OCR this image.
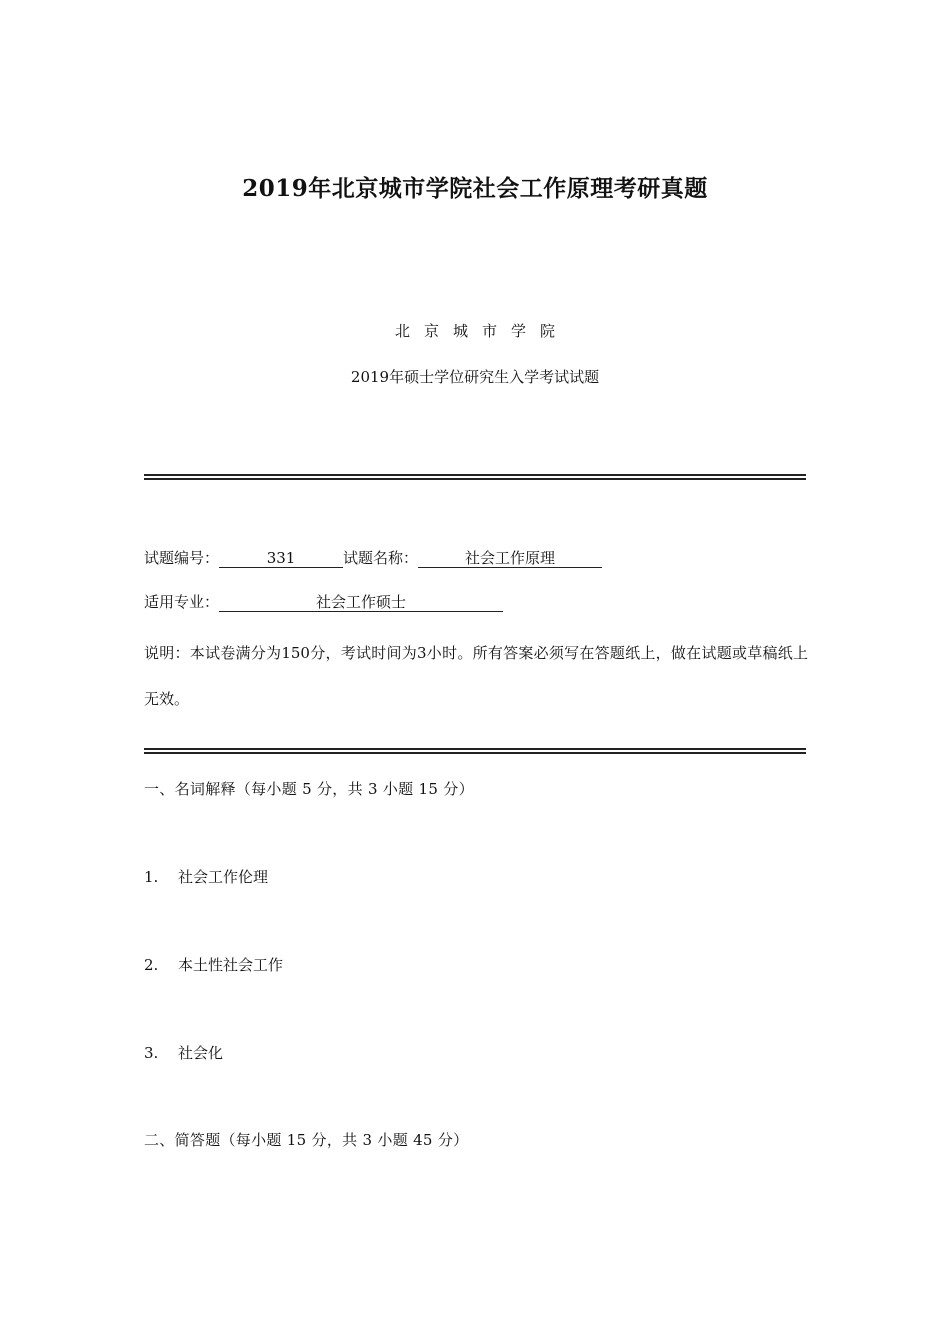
2019年北京城市学院社会工作原理考研真题
北京城市学院
2019年硕士学位研究生入学考试试题
试题编号：	331	试题名称：	社会工作原理
适用专业：	社会工作硕士
说明：本试卷满分为150分，考试时间为3小时。所有答案必须写在答题纸上，做在试题或草稿纸上无效。
一、名词解释（每小题 5 分，共 3 小题 15 分）
1. 社会工作伦理
2. 本土性社会工作
3. 社会化
二、简答题（每小题 15 分，共 3 小题 45 分）
